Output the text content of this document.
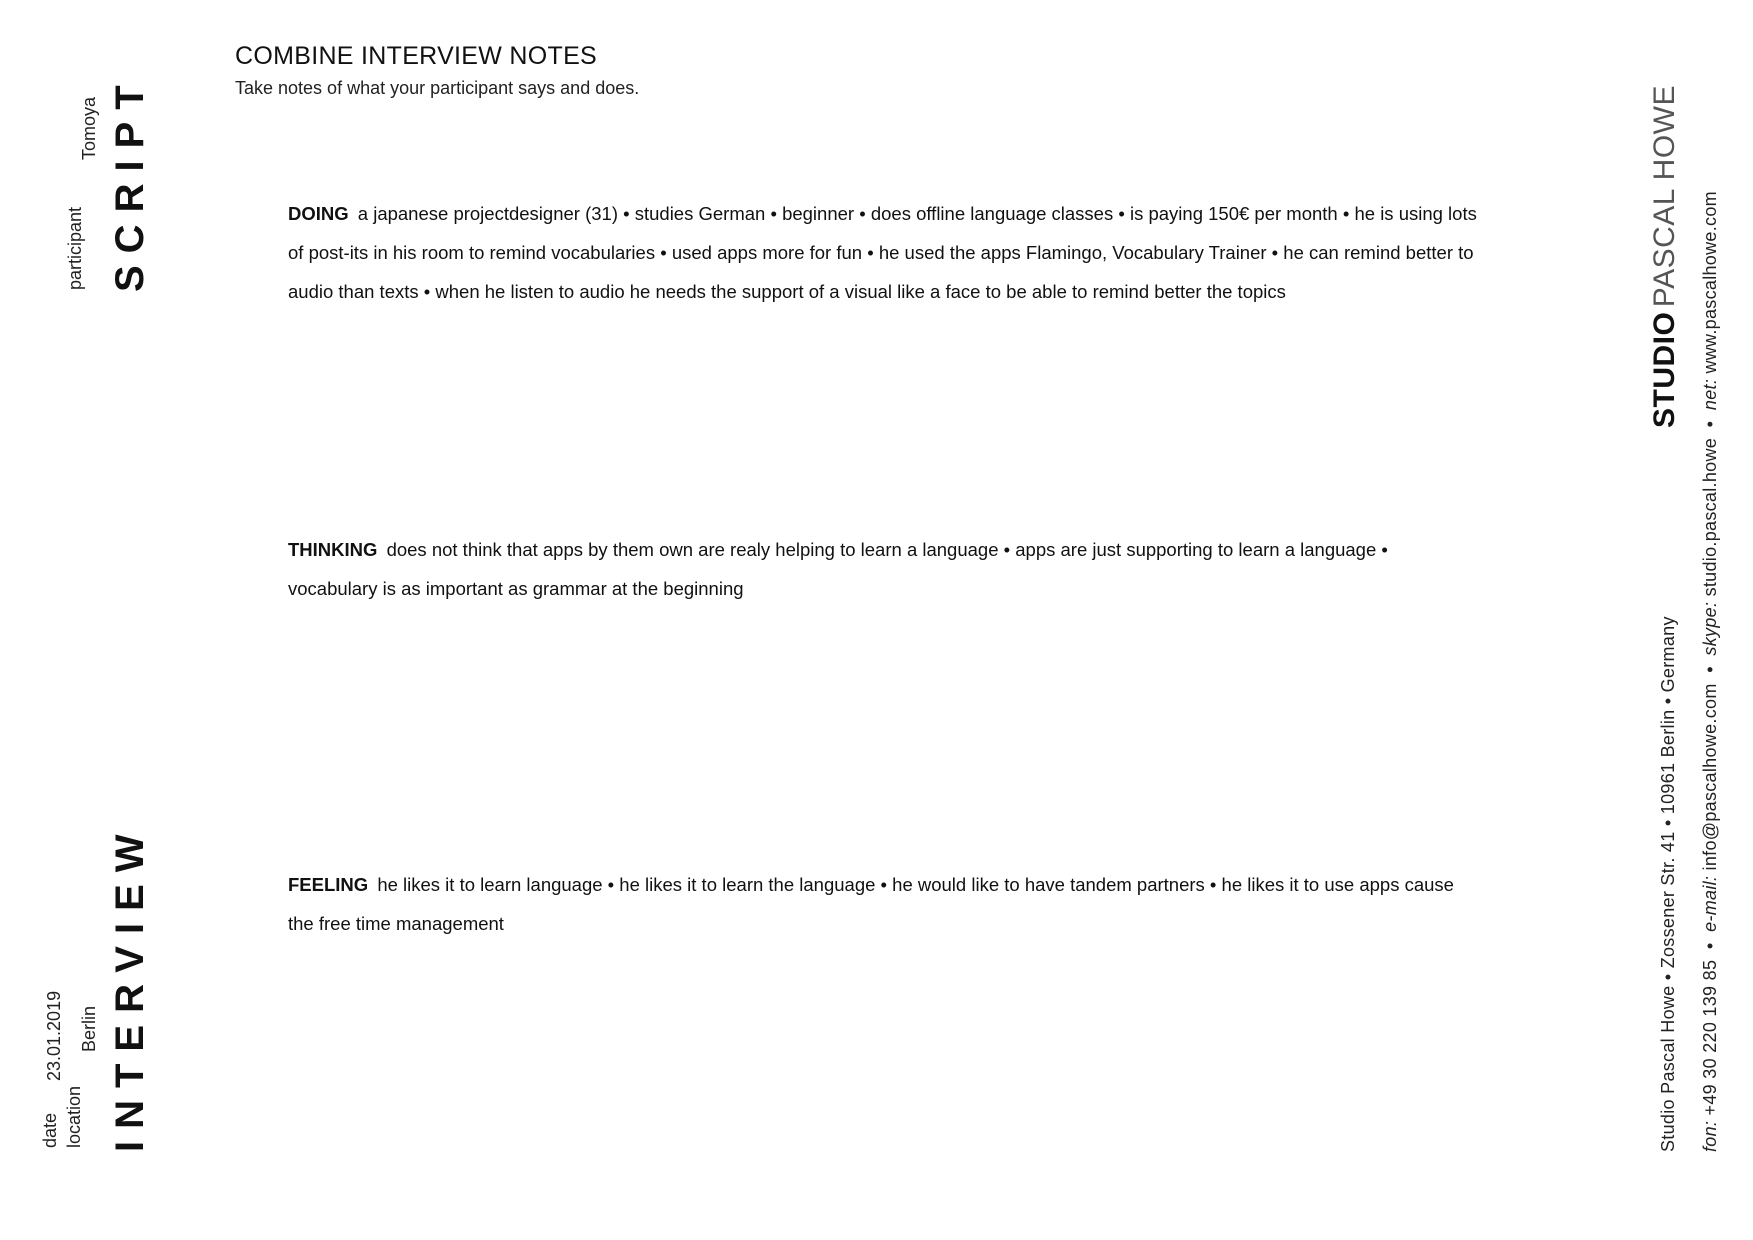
COMBINE INTERVIEW NOTES
Take notes of what your participant says and does.
DOING a japanese projectdesigner (31) • studies German • beginner • does offline language classes • is paying 150€ per month • he is using lots of post-its in his room to remind vocabularies • used apps more for fun • he used the apps Flamingo, Vocabulary Trainer • he can remind better to audio than texts • when he listen to audio he needs the support of a visual like a face to be able to remind better the topics
THINKING does not think that apps by them own are realy helping to learn a language • apps are just supporting to learn a language • vocabulary is as important as grammar at the beginning
FEELING he likes it to learn language • he likes it to learn the language • he would like to have tandem partners • he likes it to use apps cause the free time management
SCRIPT
participant
Tomoya
INTERVIEW
date
23.01.2019
location
Berlin
STUDIO PASCAL HOWE
Studio Pascal Howe • Zossener Str. 41 • 10961 Berlin • Germany	fon: +49 30 220 139 85  •  e-mail: info@pascalhowe.com  •  skype: studio.pascal.howe  •  net: www.pascalhowe.com
